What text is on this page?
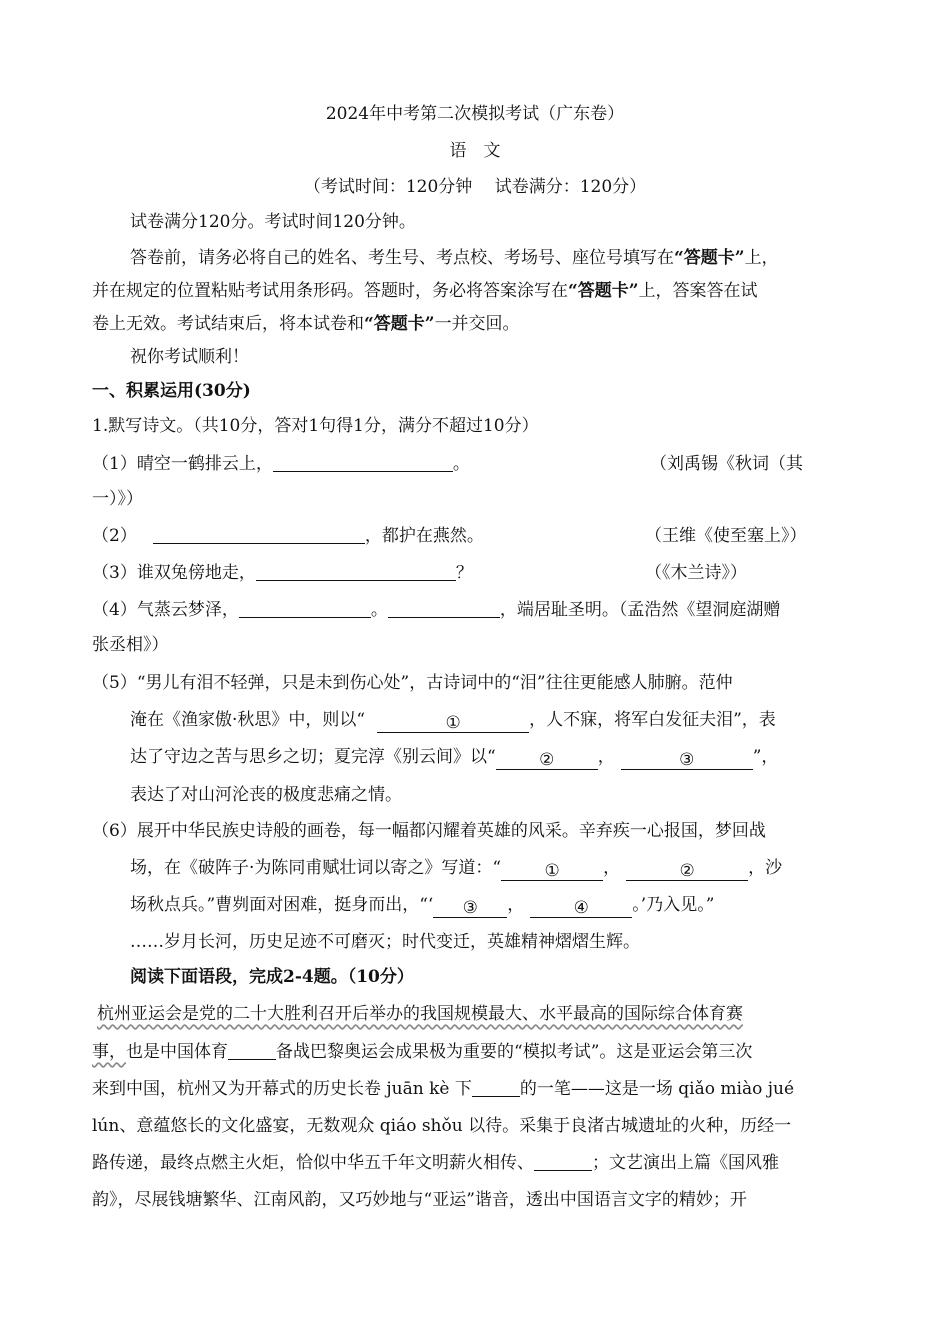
2024年中考第二次模拟考试（广东卷）
语　文
（考试时间：120分钟　 试卷满分：120分）
试卷满分120分。考试时间120分钟。
答卷前，请务必将自己的姓名、考生号、考点校、考场号、座位号填写在“答题卡”上，
并在规定的位置粘贴考试用条形码。答题时，务必将答案涂写在“答题卡”上，答案答在试
卷上无效。考试结束后，将本试卷和“答题卡”一并交回。
祝你考试顺利！
一、积累运用(30分)
1.默写诗文。（共10分，答对1句得1分，满分不超过10分）
（1）晴空一鹤排云上，	。	（刘禹锡《秋词（其
一）》）
（2）	，都护在燕然。	（王维《使至塞上》）
（3）谁双兔傍地走，	？	（《木兰诗》）
（4）气蒸云梦泽，	。	，端居耻圣明。（孟浩然《望洞庭湖赠
张丞相》）
（5）“男儿有泪不轻弹，只是未到伤心处”，古诗词中的“泪”往往更能感人肺腑。范仲
淹在《渔家傲·秋思》中，则以“	①	，人不寐，将军白发征夫泪”，表
达了守边之苦与思乡之切；夏完淳《别云间》以“	②	，	③	”，
表达了对山河沦丧的极度悲痛之情。
（6）展开中华民族史诗般的画卷，每一幅都闪耀着英雄的风采。辛弃疾一心报国，梦回战
场，在《破阵子·为陈同甫赋壮词以寄之》写道：“	①	，	②	，沙
场秋点兵。”曹刿面对困难，挺身而出，“‘ ③ ，	④	。’乃入见。”
……岁月长河，历史足迹不可磨灭；时代变迁，英雄精神熠熠生辉。
阅读下面语段，完成2-4题。（10分）
杭州亚运会是党的二十大胜利召开后举办的我国规模最大、水平最高的国际综合体育赛
事，也是中国体育	备战巴黎奥运会成果极为重要的“模拟考试”。这是亚运会第三次
来到中国，杭州又为开幕式的历史长卷 juān kè 下	的一笔——这是一场 qiǎo miào jué
lún、意蕴悠长的文化盛宴，无数观众 qiáo shǒu 以待。采集于良渚古城遗址的火种，历经一
路传递，最终点燃主火炬，恰似中华五千年文明薪火相传、	；文艺演出上篇《国风雅
韵》，尽展钱塘繁华、江南风韵，又巧妙地与“亚运”谐音，透出中国语言文字的精妙；开
